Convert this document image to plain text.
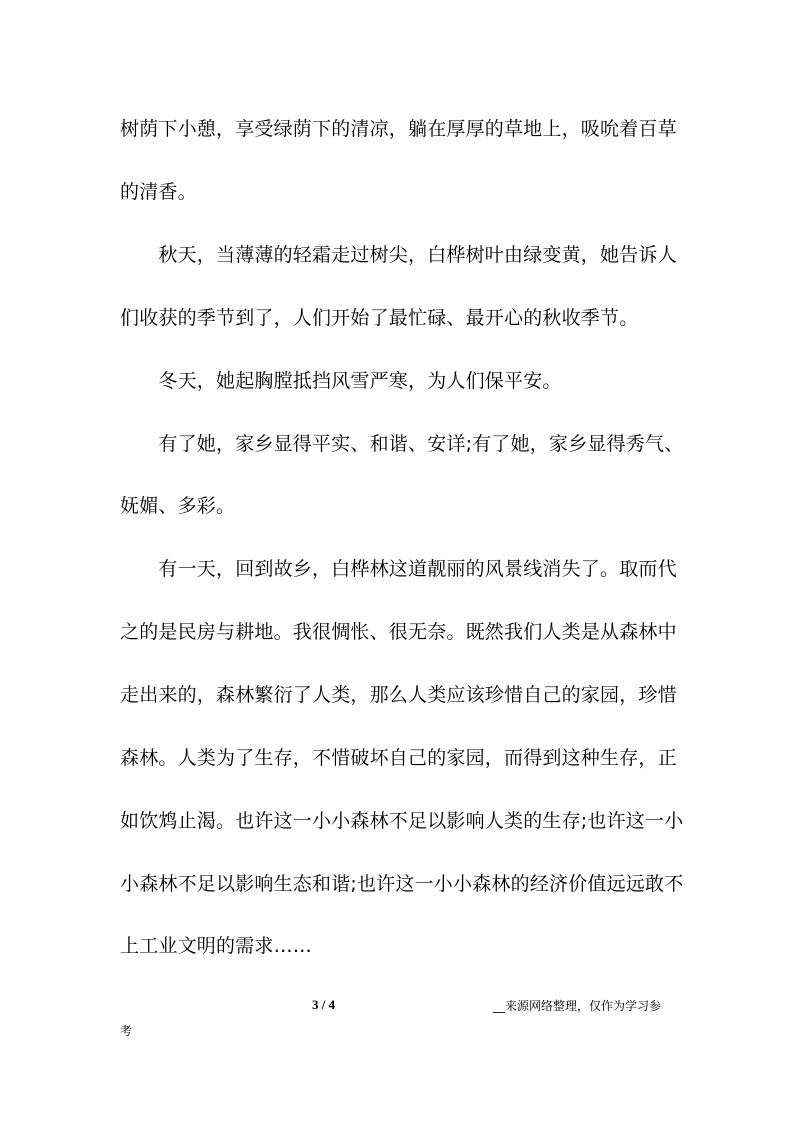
树荫下小憩，享受绿荫下的清凉，躺在厚厚的草地上，吸吮着百草
的清香。
　　秋天，当薄薄的轻霜走过树尖，白桦树叶由绿变黄，她告诉人
们收获的季节到了，人们开始了最忙碌、最开心的秋收季节。
　　冬天，她起胸膛抵挡风雪严寒，为人们保平安。
　　有了她，家乡显得平实、和谐、安详;有了她，家乡显得秀气、
妩媚、多彩。
　　有一天，回到故乡，白桦林这道靓丽的风景线消失了。取而代
之的是民房与耕地。我很惆怅、很无奈。既然我们人类是从森林中
走出来的，森林繁衍了人类，那么人类应该珍惜自己的家园，珍惜
森林。人类为了生存，不惜破坏自己的家园，而得到这种生存，正
如饮鸩止渴。也许这一小小森林不足以影响人类的生存;也许这一小
小森林不足以影响生态和谐;也许这一小小森林的经济价值远远敢不
上工业文明的需求……
3 / 4	__来源网络整理，仅作为学习参
考
